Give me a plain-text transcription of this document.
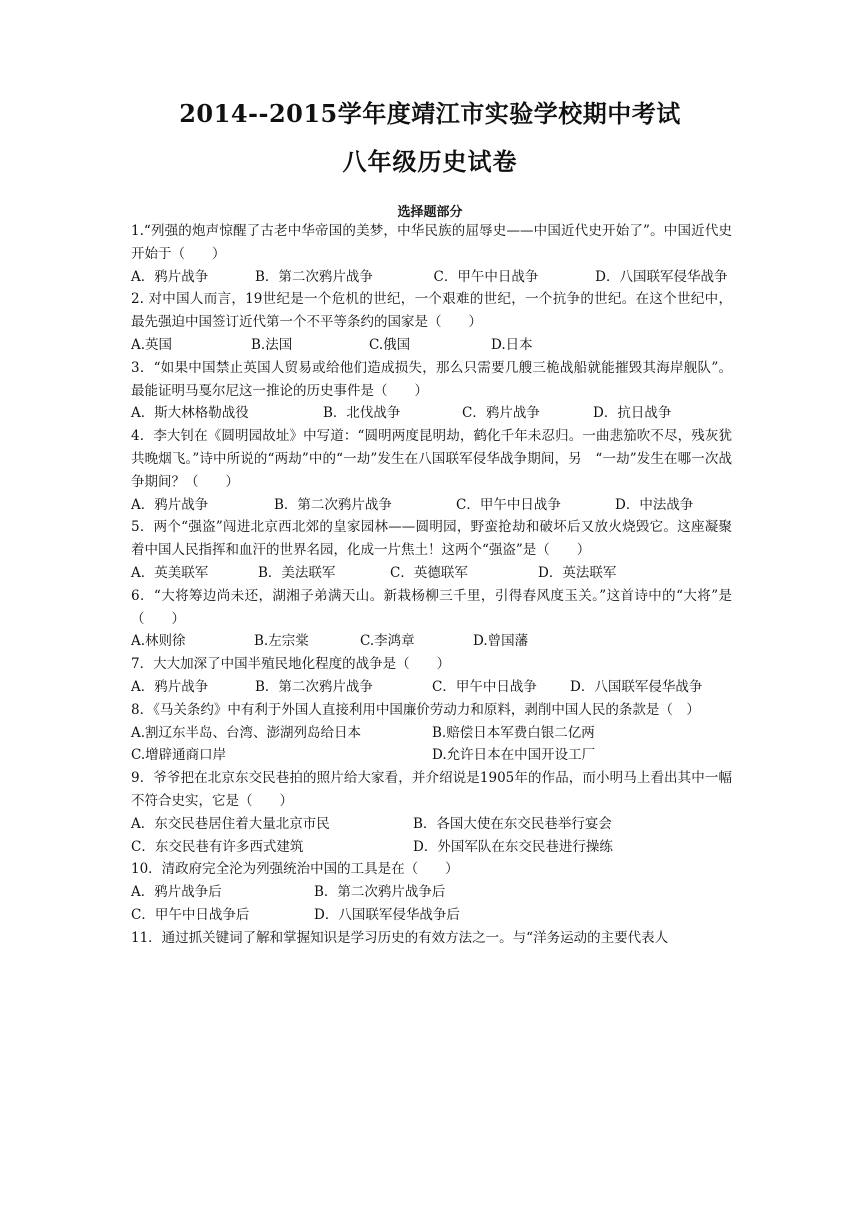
2014--2015学年度靖江市实验学校期中考试
八年级历史试卷
选择题部分

1.“列强的炮声惊醒了古老中华帝国的美梦，中华民族的屈辱史——中国近代史开始了”。中国近代史开始于（　　）

A．鸦片战争	B．第二次鸦片战争	C．甲午中日战争	D．八国联军侵华战争

2. 对中国人而言，19世纪是一个危机的世纪，一个艰难的世纪，一个抗争的世纪。在这个世纪中，最先强迫中国签订近代第一个不平等条约的国家是（　　）

A.英国	B.法国	C.俄国	D.日本

3．“如果中国禁止英国人贸易或给他们造成损失，那么只需要几艘三桅战船就能摧毁其海岸舰队”。最能证明马戛尔尼这一推论的历史事件是（　　）

A．斯大林格勒战役	B．北伐战争	C．鸦片战争	D．抗日战争

4．李大钊在《圆明园故址》中写道：“圆明两度昆明劫，鹤化千年未忍归。一曲悲笳吹不尽，残灰犹共晚烟飞。”诗中所说的“两劫”中的“一劫”发生在八国联军侵华战争期间，另　“一劫”发生在哪一次战争期间？（　　）

A．鸦片战争	B．第二次鸦片战争	C．甲午中日战争	D．中法战争

5．两个“强盗”闯进北京西北郊的皇家园林——圆明园，野蛮抢劫和破坏后又放火烧毁它。这座凝聚着中国人民指挥和血汗的世界名园，化成一片焦土！这两个“强盗”是（　　）

A．英美联军	B．美法联军	C．英德联军	D．英法联军

6．“大将筹边尚未还，湖湘子弟满天山。新栽杨柳三千里，引得春风度玉关。”这首诗中的“大将”是（　　）

A.林则徐	B.左宗棠	C.李鸿章	D.曾国藩

7．大大加深了中国半殖民地化程度的战争是（　　）

A．鸦片战争	B．第二次鸦片战争	C．甲午中日战争	D．八国联军侵华战争

8．《马关条约》中有利于外国人直接利用中国廉价劳动力和原料，剥削中国人民的条款是（　）

A.割辽东半岛、台湾、澎湖列岛给日本	B.赔偿日本军费白银二亿两

C.增辟通商口岸	D.允许日本在中国开设工厂

9．爷爷把在北京东交民巷拍的照片给大家看，并介绍说是1905年的作品，而小明马上看出其中一幅不符合史实，它是（　　）

A．东交民巷居住着大量北京市民	B．各国大使在东交民巷举行宴会

C．东交民巷有许多西式建筑	D．外国军队在东交民巷进行操练

10．清政府完全沦为列强统治中国的工具是在（　　）

A．鸦片战争后	B．第二次鸦片战争后

C．甲午中日战争后	D．八国联军侵华战争后

11．通过抓关键词了解和掌握知识是学习历史的有效方法之一。与“洋务运动的主要代表人
